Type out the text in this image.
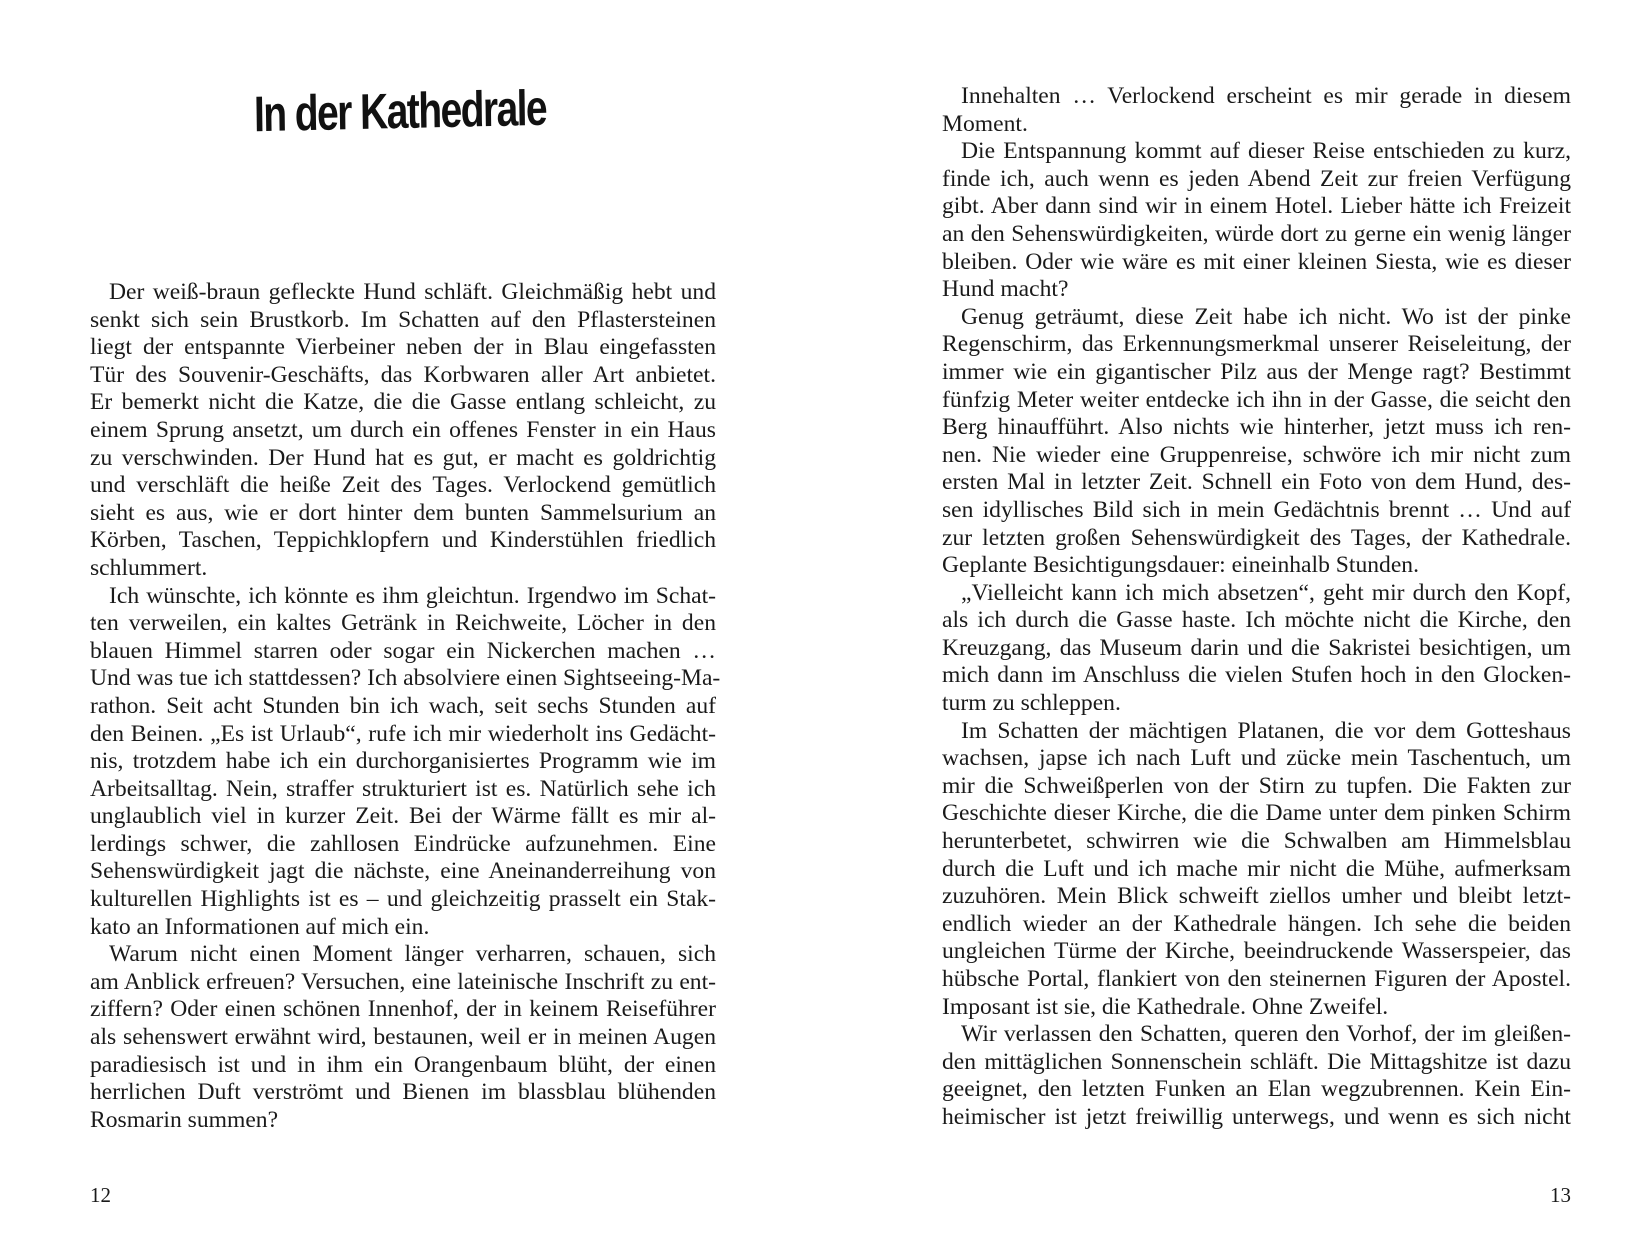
In der Kathedrale
Der weiß-braun gefleckte Hund schläft. Gleichmäßig hebt und
senkt sich sein Brustkorb. Im Schatten auf den Pflastersteinen
liegt der entspannte Vierbeiner neben der in Blau eingefassten
Tür des Souvenir-Geschäfts, das Korbwaren aller Art anbietet.
Er bemerkt nicht die Katze, die die Gasse entlang schleicht, zu
einem Sprung ansetzt, um durch ein offenes Fenster in ein Haus
zu verschwinden. Der Hund hat es gut, er macht es goldrichtig
und verschläft die heiße Zeit des Tages. Verlockend gemütlich
sieht es aus, wie er dort hinter dem bunten Sammelsurium an
Körben, Taschen, Teppichklopfern und Kinderstühlen friedlich
schlummert.
Ich wünschte, ich könnte es ihm gleichtun. Irgendwo im Schat-
ten verweilen, ein kaltes Getränk in Reichweite, Löcher in den
blauen Himmel starren oder sogar ein Nickerchen machen …
Und was tue ich stattdessen? Ich absolviere einen Sightseeing-Ma-
rathon. Seit acht Stunden bin ich wach, seit sechs Stunden auf
den Beinen. „Es ist Urlaub“, rufe ich mir wiederholt ins Gedächt-
nis, trotzdem habe ich ein durchorganisiertes Programm wie im
Arbeitsalltag. Nein, straffer strukturiert ist es. Natürlich sehe ich
unglaublich viel in kurzer Zeit. Bei der Wärme fällt es mir al-
lerdings schwer, die zahllosen Eindrücke aufzunehmen. Eine
Sehenswürdigkeit jagt die nächste, eine Aneinanderreihung von
kulturellen Highlights ist es – und gleichzeitig prasselt ein Stak-
kato an Informationen auf mich ein.
Warum nicht einen Moment länger verharren, schauen, sich
am Anblick erfreuen? Versuchen, eine lateinische Inschrift zu ent-
ziffern? Oder einen schönen Innenhof, der in keinem Reiseführer
als sehenswert erwähnt wird, bestaunen, weil er in meinen Augen
paradiesisch ist und in ihm ein Orangenbaum blüht, der einen
herrlichen Duft verströmt und Bienen im blassblau blühenden
Rosmarin summen?
Innehalten … Verlockend erscheint es mir gerade in diesem
Moment.
Die Entspannung kommt auf dieser Reise entschieden zu kurz,
finde ich, auch wenn es jeden Abend Zeit zur freien Verfügung
gibt. Aber dann sind wir in einem Hotel. Lieber hätte ich Freizeit
an den Sehenswürdigkeiten, würde dort zu gerne ein wenig länger
bleiben. Oder wie wäre es mit einer kleinen Siesta, wie es dieser
Hund macht?
Genug geträumt, diese Zeit habe ich nicht. Wo ist der pinke
Regenschirm, das Erkennungsmerkmal unserer Reiseleitung, der
immer wie ein gigantischer Pilz aus der Menge ragt? Bestimmt
fünfzig Meter weiter entdecke ich ihn in der Gasse, die seicht den
Berg hinaufführt. Also nichts wie hinterher, jetzt muss ich ren-
nen. Nie wieder eine Gruppenreise, schwöre ich mir nicht zum
ersten Mal in letzter Zeit. Schnell ein Foto von dem Hund, des-
sen idyllisches Bild sich in mein Gedächtnis brennt … Und auf
zur letzten großen Sehenswürdigkeit des Tages, der Kathedrale.
Geplante Besichtigungsdauer: eineinhalb Stunden.
„Vielleicht kann ich mich absetzen“, geht mir durch den Kopf,
als ich durch die Gasse haste. Ich möchte nicht die Kirche, den
Kreuzgang, das Museum darin und die Sakristei besichtigen, um
mich dann im Anschluss die vielen Stufen hoch in den Glocken-
turm zu schleppen.
Im Schatten der mächtigen Platanen, die vor dem Gotteshaus
wachsen, japse ich nach Luft und zücke mein Taschentuch, um
mir die Schweißperlen von der Stirn zu tupfen. Die Fakten zur
Geschichte dieser Kirche, die die Dame unter dem pinken Schirm
herunterbetet, schwirren wie die Schwalben am Himmelsblau
durch die Luft und ich mache mir nicht die Mühe, aufmerksam
zuzuhören. Mein Blick schweift ziellos umher und bleibt letzt-
endlich wieder an der Kathedrale hängen. Ich sehe die beiden
ungleichen Türme der Kirche, beeindruckende Wasserspeier, das
hübsche Portal, flankiert von den steinernen Figuren der Apostel.
Imposant ist sie, die Kathedrale. Ohne Zweifel.
Wir verlassen den Schatten, queren den Vorhof, der im gleißen-
den mittäglichen Sonnenschein schläft. Die Mittagshitze ist dazu
geeignet, den letzten Funken an Elan wegzubrennen. Kein Ein-
heimischer ist jetzt freiwillig unterwegs, und wenn es sich nicht
12	13
